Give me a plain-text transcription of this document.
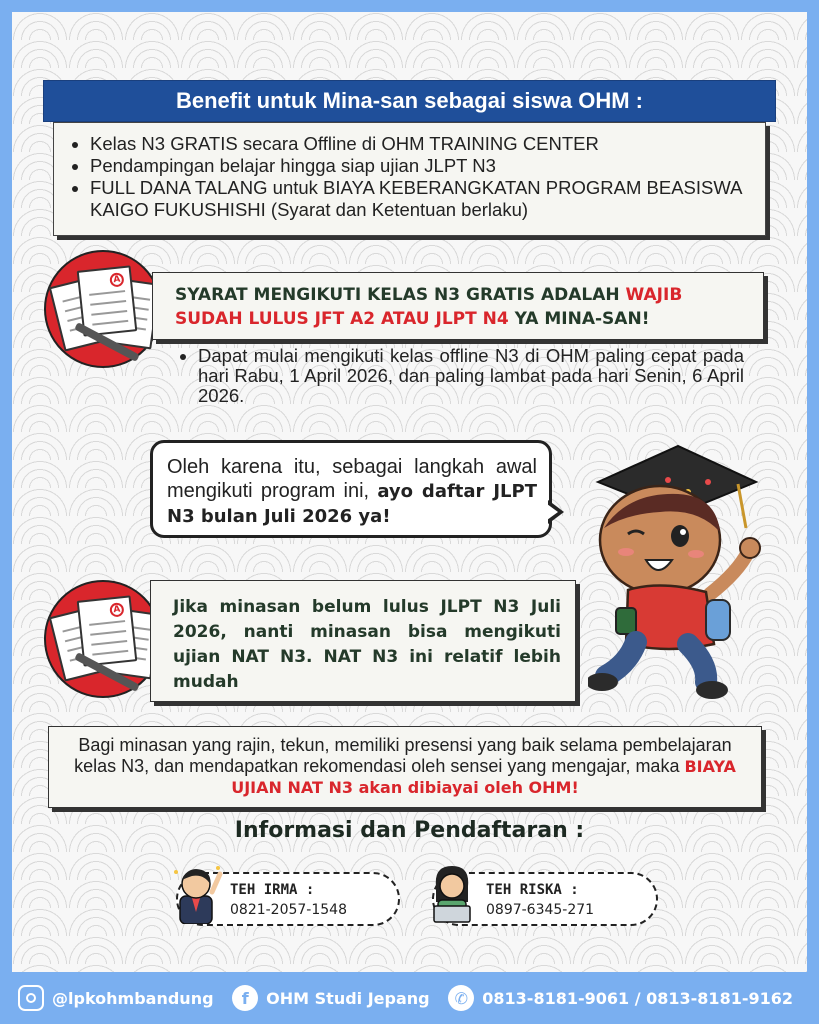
Benefit untuk Mina-san sebagai siswa OHM :
• Kelas N3 GRATIS secara Offline di OHM TRAINING CENTER
• Pendampingan belajar hingga siap ujian JLPT N3
• FULL DANA TALANG untuk BIAYA KEBERANGKATAN PROGRAM BEASISWA KAIGO FUKUSHISHI (Syarat dan Ketentuan berlaku)
A
SYARAT MENGIKUTI KELAS N3 GRATIS ADALAH WAJIB SUDAH LULUS JFT A2 ATAU JLPT N4 YA MINA-SAN!
• Dapat mulai mengikuti kelas offline N3 di OHM paling cepat pada hari Rabu, 1 April 2026, dan paling lambat pada hari Senin, 6 April 2026.
Oleh karena itu, sebagai langkah awal mengikuti program ini, ayo daftar JLPT N3 bulan Juli 2026 ya!
A	Jika minasan belum lulus JLPT N3 Juli 2026, nanti minasan bisa mengikuti ujian NAT N3. NAT N3 ini relatif lebih mudah
Bagi minasan yang rajin, tekun, memiliki presensi yang baik selama pembelajaran kelas N3, dan mendapatkan rekomendasi oleh sensei yang mengajar, maka BIAYA UJIAN NAT N3 akan dibiayai oleh OHM!
Informasi dan Pendaftaran :
TEH IRMA :
0821-2057-1548
TEH RISKA :
0897-6345-271
@lpkohmbandung	f	OHM Studi Jepang	✆ 0813-8181-9061 / 0813-8181-9162
